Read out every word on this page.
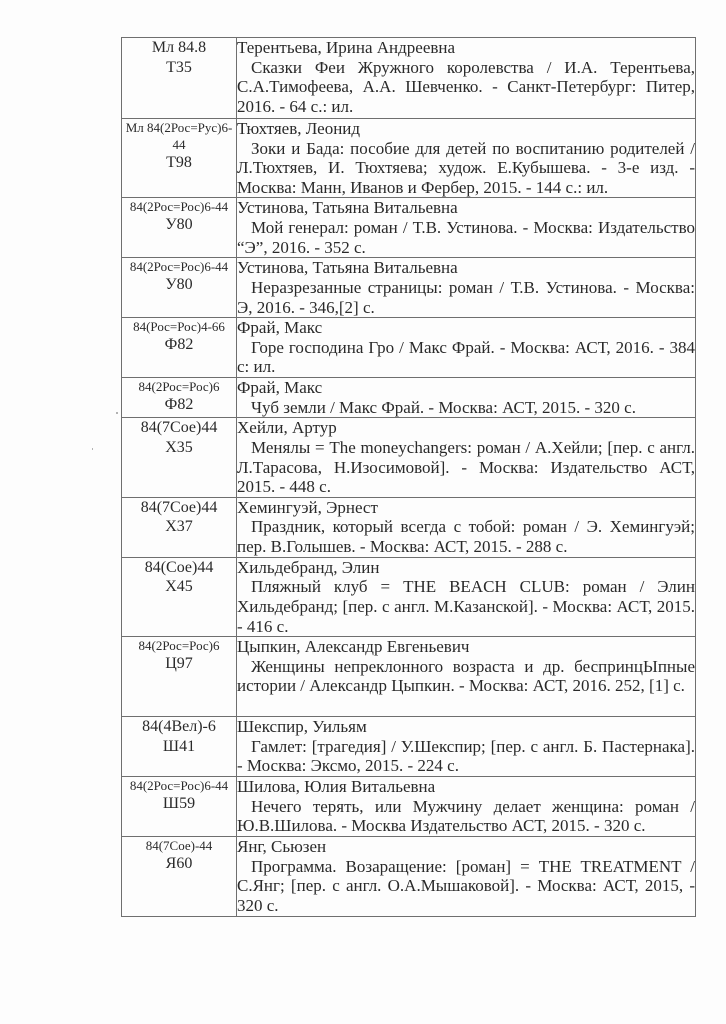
Мл 84.8
Т35	Терентьева, Ирина Андреевна
Сказки Феи Жружного королевства / И.А. Терентьева, С.А.Тимофеева, А.А. Шевченко. - Санкт-Петербург: Питер, 2016. - 64 с.: ил.

Мл 84(2Рос=Рус)6-44
Т98	Тюхтяев, Леонид
Зоки и Бада: пособие для детей по воспитанию родителей / Л.Тюхтяев, И. Тюхтяева; худож. Е.Кубышева. - 3-е изд. - Москва: Манн, Иванов и Фербер, 2015. - 144 с.: ил.

84(2Рос=Рос)6-44
У80	Устинова, Татьяна Витальевна
Мой генерал: роман / Т.В. Устинова. - Москва: Издательство “Э”, 2016. - 352 с.

84(2Рос=Рос)6-44
У80	Устинова, Татьяна Витальевна
Неразрезанные страницы: роман / Т.В. Устинова. - Москва: Э, 2016. - 346,[2] с.

84(Рос=Рос)4-66
Ф82	Фрай, Макс
Горе господина Гро / Макс Фрай. - Москва: АСТ, 2016. - 384 с: ил.

84(2Рос=Рос)6
Ф82	Фрай, Макс
Чуб земли / Макс Фрай. - Москва: АСТ, 2015. - 320 с.

84(7Сое)44
Х35	Хейли, Артур
Менялы = The moneychangers: роман / А.Хейли; [пер. с англ. Л.Тарасова, Н.Изосимовой]. - Москва: Издательство АСТ, 2015. - 448 с.

84(7Сое)44
Х37	Хемингуэй, Эрнест
Праздник, который всегда с тобой: роман / Э. Хемингуэй; пер. В.Голышев. - Москва: АСТ, 2015. - 288 с.

84(Сое)44
Х45	Хильдебранд, Элин
Пляжный клуб = THE BEACH CLUB: роман / Элин Хильдебранд; [пер. с англ. М.Казанской]. - Москва: АСТ, 2015. - 416 с.

84(2Рос=Рос)6
Ц97	Цыпкин, Александр Евгеньевич
Женщины непреклонного возраста и др. беспринцЫпные истории / Александр Цыпкин. - Москва: АСТ, 2016. 252, [1] с.

84(4Вел)-6
Ш41	Шекспир, Уильям
Гамлет: [трагедия] / У.Шекспир; [пер. с англ. Б. Пастернака]. - Москва: Эксмо, 2015. - 224 с.

84(2Рос=Рос)6-44
Ш59	Шилова, Юлия Витальевна
Нечего терять, или Мужчину делает женщина: роман / Ю.В.Шилова. - Москва Издательство АСТ, 2015. - 320 с.

84(7Сое)-44
Я60	Янг, Сьюзен
Программа. Возаращение: [роман] = THE TREATMENT / С.Янг; [пер. с англ. О.А.Мышаковой]. - Москва: АСТ, 2015, - 320 с.
